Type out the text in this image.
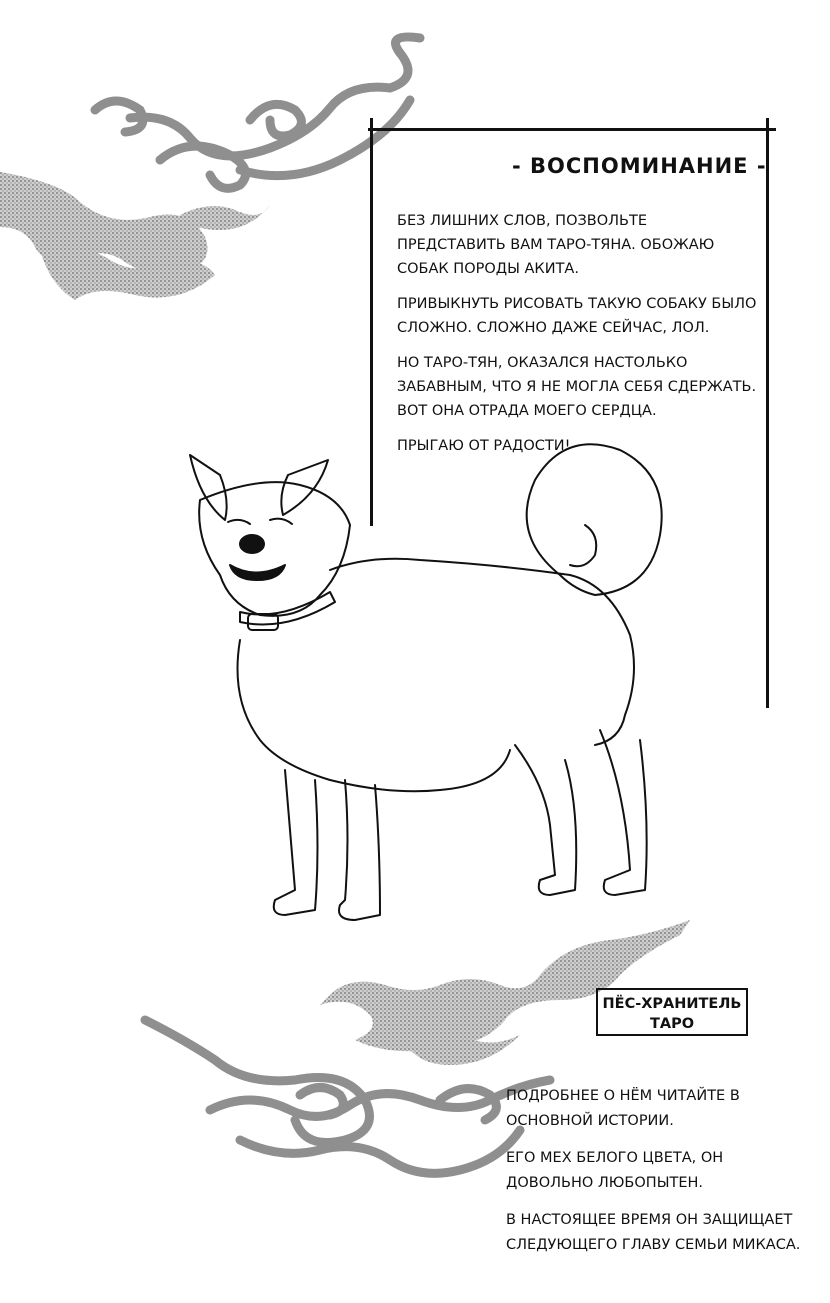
- ВОСПОМИНАНИЕ -

БЕЗ ЛИШНИХ СЛОВ, ПОЗВОЛЬТЕ ПРЕДСТАВИТЬ ВАМ ТАРО-ТЯНА. ОБОЖАЮ СОБАК ПОРОДЫ АКИТА.

ПРИВЫКНУТЬ РИСОВАТЬ ТАКУЮ СОБАКУ БЫЛО СЛОЖНО. СЛОЖНО ДАЖЕ СЕЙЧАС, ЛОЛ.

НО ТАРО-ТЯН, ОКАЗАЛСЯ НАСТОЛЬКО ЗАБАВНЫМ, ЧТО Я НЕ МОГЛА СЕБЯ СДЕРЖАТЬ. ВОТ ОНА ОТРАДА МОЕГО СЕРДЦА.

ПРЫГАЮ ОТ РАДОСТИ!

ПЁС-ХРАНИТЕЛЬ
ТАРО

ПОДРОБНЕЕ О НЁМ ЧИТАЙТЕ В ОСНОВНОЙ ИСТОРИИ.

ЕГО МЕХ БЕЛОГО ЦВЕТА, ОН ДОВОЛЬНО ЛЮБОПЫТЕН.

В НАСТОЯЩЕЕ ВРЕМЯ ОН ЗАЩИЩАЕТ СЛЕДУЮЩЕГО ГЛАВУ СЕМЬИ МИКАСА.
